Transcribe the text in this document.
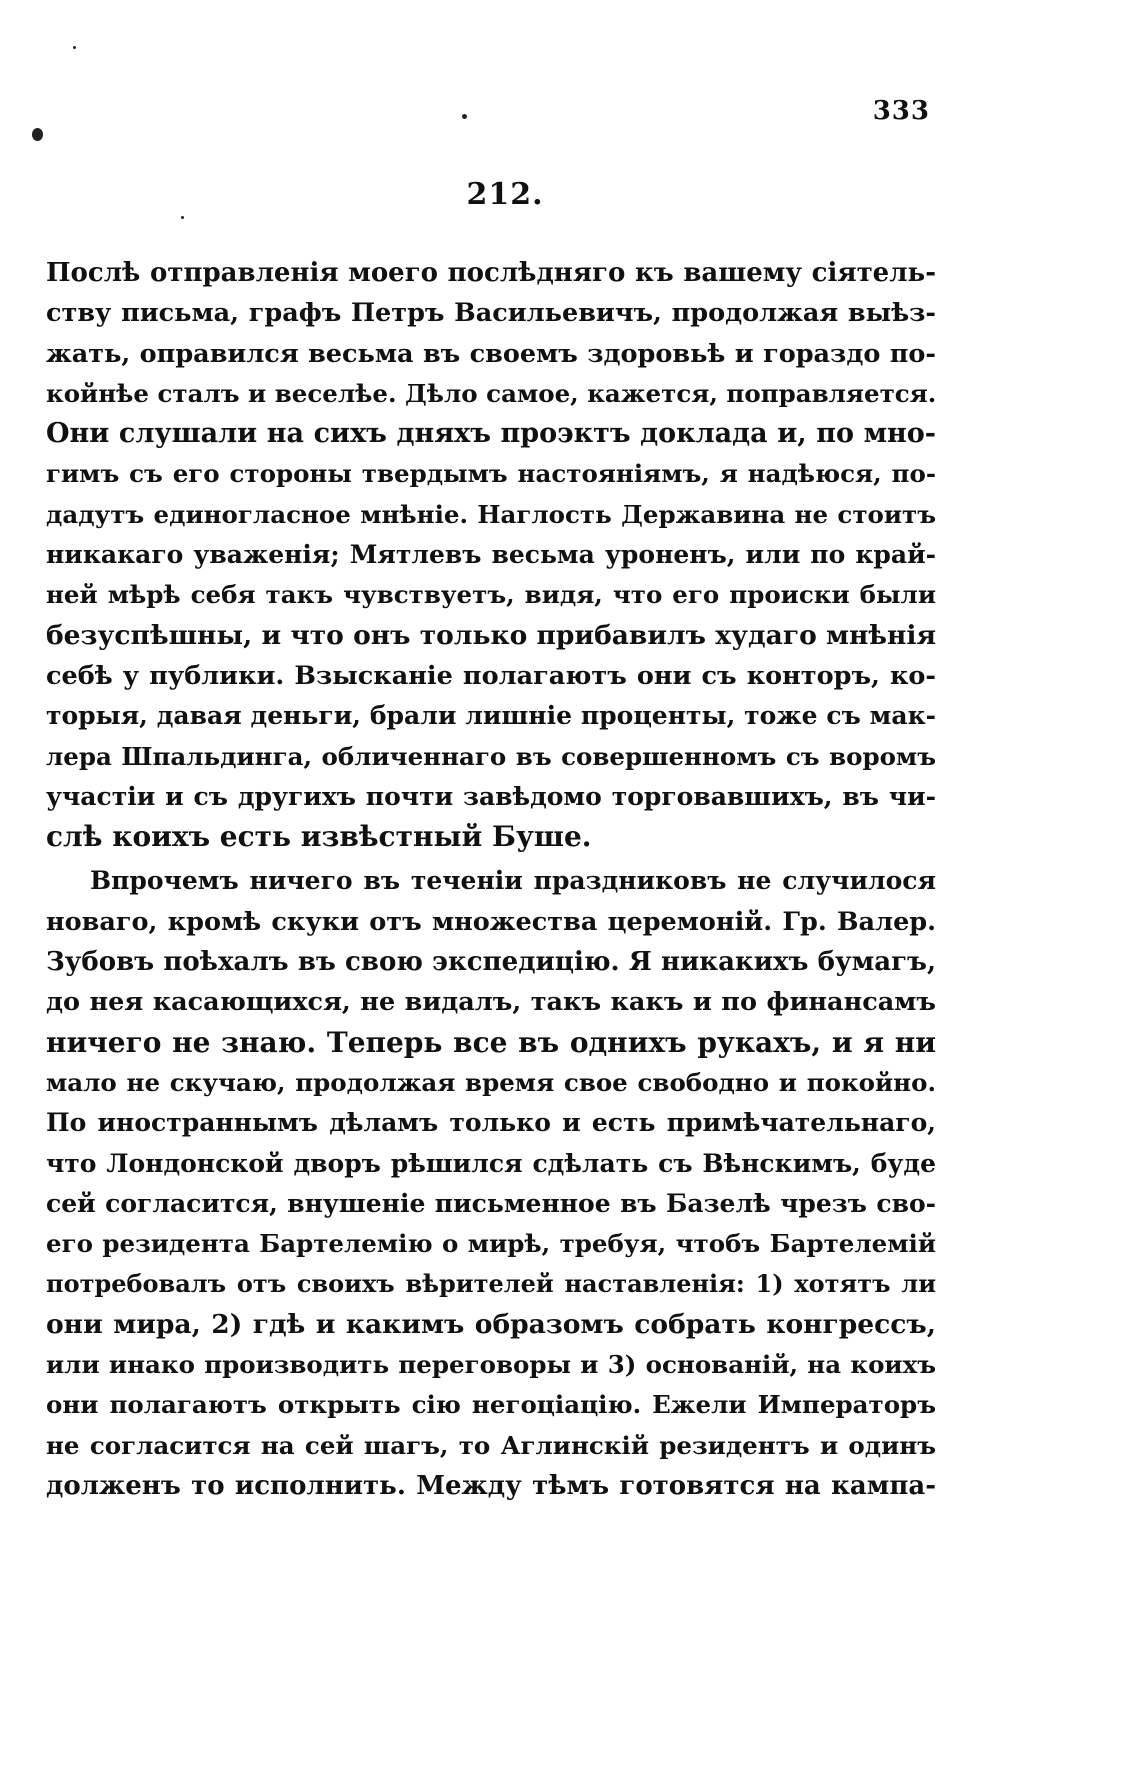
333
212.
Послѣ отправленія моего послѣдняго къ вашему сіятель-
ству письма, графъ Петръ Васильевичъ, продолжая выѣз-
жать, оправился весьма въ своемъ здоровьѣ и гораздо по-
койнѣе сталъ и веселѣе. Дѣло самое, кажется, поправляется.
Они слушали на сихъ дняхъ проэктъ доклада и, по мно-
гимъ съ его стороны твердымъ настояніямъ, я надѣюся, по-
дадутъ единогласное мнѣніе. Наглость Державина не стоитъ
никакаго уваженія; Мятлевъ весьма уроненъ, или по край-
ней мѣрѣ себя такъ чувствуетъ, видя, что его происки были
безуспѣшны, и что онъ только прибавилъ худаго мнѣнія
себѣ у публики. Взысканіе полагаютъ они съ конторъ, ко-
торыя, давая деньги, брали лишніе проценты, тоже съ мак-
лера Шпальдинга, обличеннаго въ совершенномъ съ воромъ
участіи и съ другихъ почти завѣдомо торговавшихъ, въ чи-
слѣ коихъ есть извѣстный Буше.
Впрочемъ ничего въ теченіи праздниковъ не случилося
новаго, кромѣ скуки отъ множества церемоній. Гр. Валер.
Зубовъ поѣхалъ въ свою экспедицію. Я никакихъ бумагъ,
до нея касающихся, не видалъ, такъ какъ и по финансамъ
ничего не знаю. Теперь все въ однихъ рукахъ, и я ни
мало не скучаю, продолжая время свое свободно и покойно.
По иностраннымъ дѣламъ только и есть примѣчательнаго,
что Лондонской дворъ рѣшился сдѣлать съ Вѣнскимъ, буде
сей согласится, внушеніе письменное въ Базелѣ чрезъ сво-
его резидента Бартелемію о мирѣ, требуя, чтобъ Бартелемій
потребовалъ отъ своихъ вѣрителей наставленія: 1) хотятъ ли
они мира, 2) гдѣ и какимъ образомъ собрать конгрессъ,
или инако производить переговоры и 3) основаній, на коихъ
они полагаютъ открыть сію негоціацію. Ежели Императоръ
не согласится на сей шагъ, то Аглинскій резидентъ и одинъ
долженъ то исполнить. Между тѣмъ готовятся на кампа-
